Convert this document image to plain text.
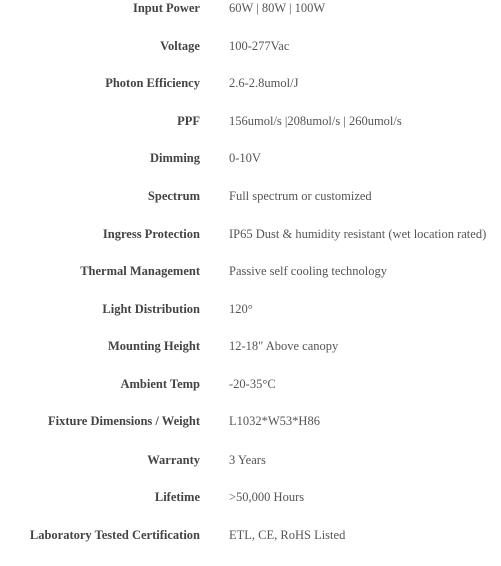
Input Power 60W | 80W | 100W
Voltage 100-277Vac
Photon Efficiency 2.6-2.8umol/J
PPF 156umol/s |208umol/s | 260umol/s
Dimming 0-10V
Spectrum Full spectrum or customized
Ingress Protection IP65 Dust & humidity resistant (wet location rated)
Thermal Management Passive self cooling technology
Light Distribution 120°
Mounting Height 12-18" Above canopy
Ambient Temp -20-35°C
Fixture Dimensions / Weight L1032*W53*H86
Warranty 3 Years
Lifetime >50,000 Hours
Laboratory Tested Certification ETL, CE, RoHS Listed
